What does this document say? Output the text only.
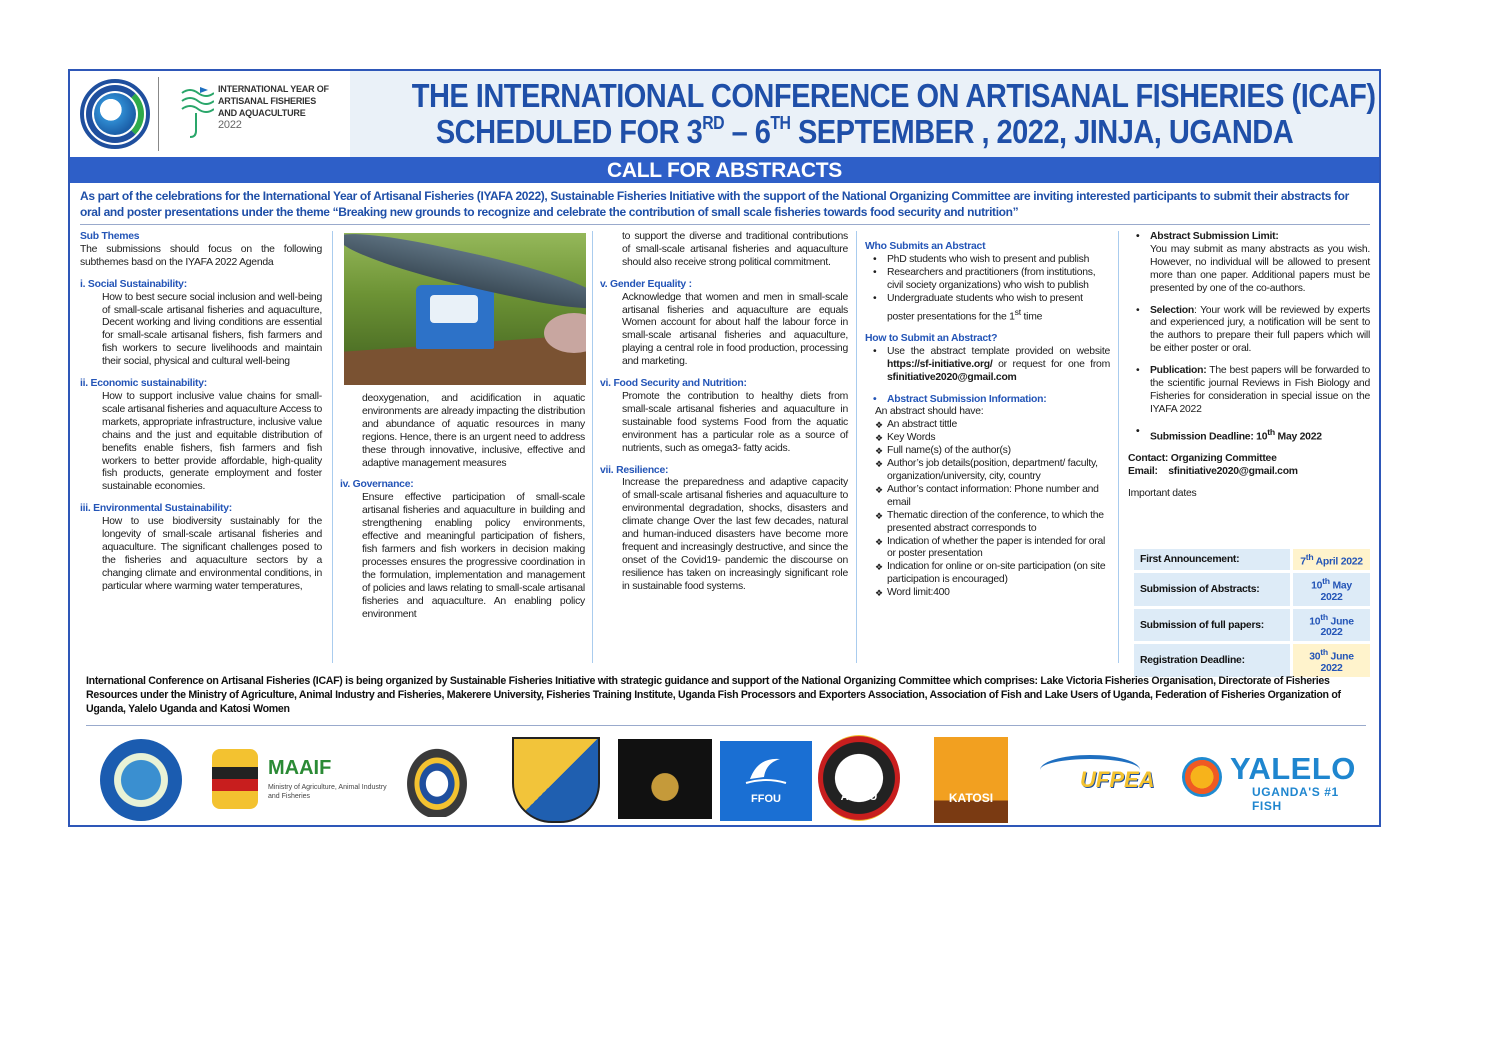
INTERNATIONAL YEAR OF
ARTISANAL FISHERIES
AND AQUACULTURE
2022
THE INTERNATIONAL CONFERENCE ON ARTISANAL FISHERIES (ICAF)
SCHEDULED FOR 3RD – 6TH SEPTEMBER , 2022, JINJA, UGANDA
CALL FOR ABSTRACTS
As part of the celebrations for the International Year of Artisanal Fisheries (IYAFA 2022), Sustainable Fisheries Initiative with the support of the National Organizing Committee are inviting interested participants to submit their abstracts for oral and poster presentations under the theme “Breaking new grounds to recognize and celebrate the contribution of small scale fisheries towards food security and nutrition”

Sub Themes

The submissions should focus on the following subthemes basd on the IYAFA 2022 Agenda

i. Social Sustainability:

How to best secure social inclusion and well-being of small-scale artisanal fisheries and aquaculture, Decent working and living conditions are essential for small-scale artisanal fishers, fish farmers and fish workers to secure livelihoods and maintain their social, physical and cultural well-being

ii. Economic sustainability:

How to support inclusive value chains for small-scale artisanal fisheries and aquaculture Access to markets, appropriate infrastructure, inclusive value chains and the just and equitable distribution of benefits enable fishers, fish farmers and fish workers to better provide affordable, high-quality fish products, generate employment and foster sustainable economies.

iii. Environmental Sustainability:

How to use biodiversity sustainably for the longevity of small-scale artisanal fisheries and aquaculture. The significant challenges posed to the fisheries and aquaculture sectors by a changing climate and environmental conditions, in particular where warming water temperatures,

deoxygenation, and acidification in aquatic environments are already impacting the distribution and abundance of aquatic resources in many regions. Hence, there is an urgent need to address these through innovative, inclusive, effective and adaptive management measures

iv. Governance:

Ensure effective participation of small-scale artisanal fisheries and aquaculture in building and strengthening enabling policy environments, effective and meaningful participation of fishers, fish farmers and fish workers in decision making processes ensures the progressive coordination in the formulation, implementation and management of policies and laws relating to small-scale artisanal fisheries and aquaculture. An enabling policy environment

to support the diverse and traditional contributions of small-scale artisanal fisheries and aquaculture should also receive strong political commitment.

v. Gender Equality :

Acknowledge that women and men in small-scale artisanal fisheries and aquaculture are equals Women account for about half the labour force in small-scale artisanal fisheries and aquaculture, playing a central role in food production, processing and marketing.

vi. Food Security and Nutrition:

Promote the contribution to healthy diets from small-scale artisanal fisheries and aquaculture in sustainable food systems Food from the aquatic environment has a particular role as a source of nutrients, such as omega3- fatty acids.

vii. Resilience:

Increase the preparedness and adaptive capacity of small-scale artisanal fisheries and aquaculture to environmental degradation, shocks, disasters and climate change Over the last few decades, natural and human-induced disasters have become more frequent and increasingly destructive, and since the onset of the Covid19- pandemic the discourse on resilience has taken on increasingly significant role in sustainable food systems.

Who Submits an Abstract

• PhD students who wish to present and publish

• Researchers and practitioners (from institutions, civil society organizations) who wish to publish

• Undergraduate students who wish to present poster presentations for the 1st time

How to Submit an Abstract?

• Use the abstract template provided on website https://sf-initiative.org/ or request for one from sfinitiative2020@gmail.com

• Abstract Submission Information:

An abstract should have:

❖ An abstract tittle

❖ Key Words

❖ Full name(s) of the author(s)

❖ Author’s job details(position, department/ faculty, organization/university, city, country

❖ Author’s contact information: Phone number and email

❖ Thematic direction of the conference, to which the presented abstract corresponds to

❖ Indication of whether the paper is intended for oral or poster presentation

❖ Indication for online or on-site participation (on site participation is encouraged)

❖ Word limit:400

• Abstract Submission Limit:

You may submit as many abstracts as you wish. However, no individual will be allowed to present more than one paper. Additional papers must be presented by one of the co-authors.

• Selection: Your work will be reviewed by experts and experienced jury, a notification will be sent to the authors to prepare their full papers which will be either poster or oral.

• Publication: The best papers will be forwarded to the scientific journal Reviews in Fish Biology and Fisheries for consideration in special issue on the IYAFA 2022

• Submission Deadline: 10th May 2022

Contact: Organizing Committee

Email: sfinitiative2020@gmail.com

Important dates

First Announcement:	7th April 2022
Submission of Abstracts:	10th May 2022
Submission of full papers:	10th June 2022
Registration Deadline:	30th June 2022
International Conference on Artisanal Fisheries (ICAF) is being organized by Sustainable Fisheries Initiative with strategic guidance and support of the National Organizing Committee which comprises: Lake Victoria Fisheries Organisation, Directorate of Fisheries Resources under the Ministry of Agriculture, Animal Industry and Fisheries, Makerere University, Fisheries Training Institute, Uganda Fish Processors and Exporters Association, Association of Fish and Lake Users of Uganda, Federation of Fisheries Organization of Uganda, Yalelo Uganda and Katosi Women
MAAIF
Ministry of Agriculture, Animal Industry and Fisheries	FFOU	AFALU	KATOSI
UFPEA YALELO
UGANDA'S #1 FISH
